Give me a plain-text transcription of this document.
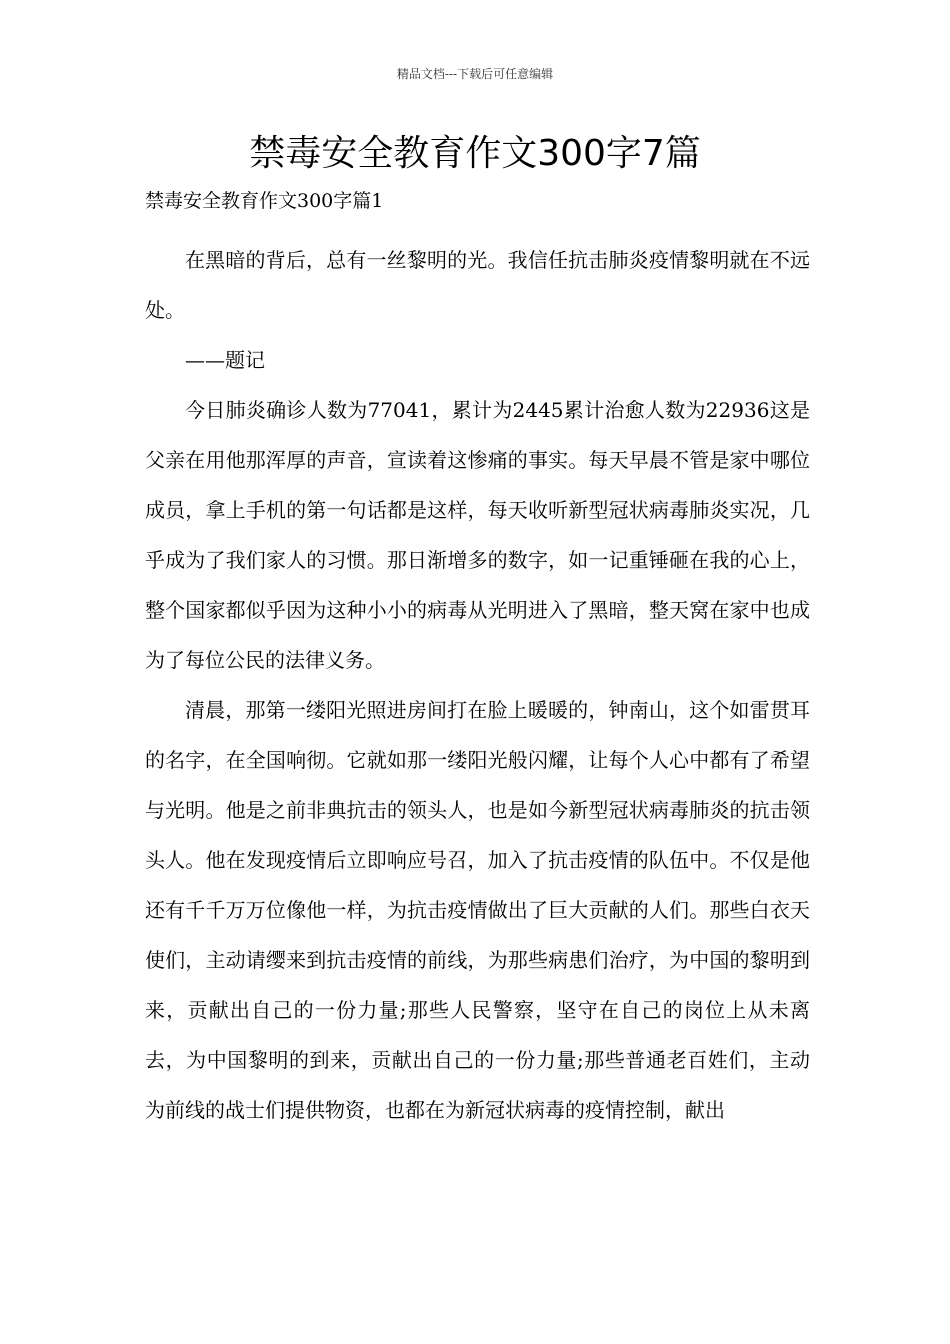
精品文档---下载后可任意编辑
禁毒安全教育作文300字7篇

禁毒安全教育作文300字篇1

在黑暗的背后，总有一丝黎明的光。我信任抗击肺炎疫情黎明就在不远处。

——题记

今日肺炎确诊人数为77041，累计为2445累计治愈人数为22936这是父亲在用他那浑厚的声音，宣读着这惨痛的事实。每天早晨不管是家中哪位成员，拿上手机的第一句话都是这样，每天收听新型冠状病毒肺炎实况，几乎成为了我们家人的习惯。那日渐增多的数字，如一记重锤砸在我的心上，整个国家都似乎因为这种小小的病毒从光明进入了黑暗，整天窝在家中也成为了每位公民的法律义务。

清晨，那第一缕阳光照进房间打在脸上暖暖的，钟南山，这个如雷贯耳的名字，在全国响彻。它就如那一缕阳光般闪耀，让每个人心中都有了希望与光明。他是之前非典抗击的领头人，也是如今新型冠状病毒肺炎的抗击领头人。他在发现疫情后立即响应号召，加入了抗击疫情的队伍中。不仅是他还有千千万万位像他一样，为抗击疫情做出了巨大贡献的人们。那些白衣天使们，主动请缨来到抗击疫情的前线，为那些病患们治疗，为中国的黎明到来，贡献出自己的一份力量;那些人民警察，坚守在自己的岗位上从未离去，为中国黎明的到来，贡献出自己的一份力量;那些普通老百姓们，主动为前线的战士们提供物资，也都在为新冠状病毒的疫情控制，献出
